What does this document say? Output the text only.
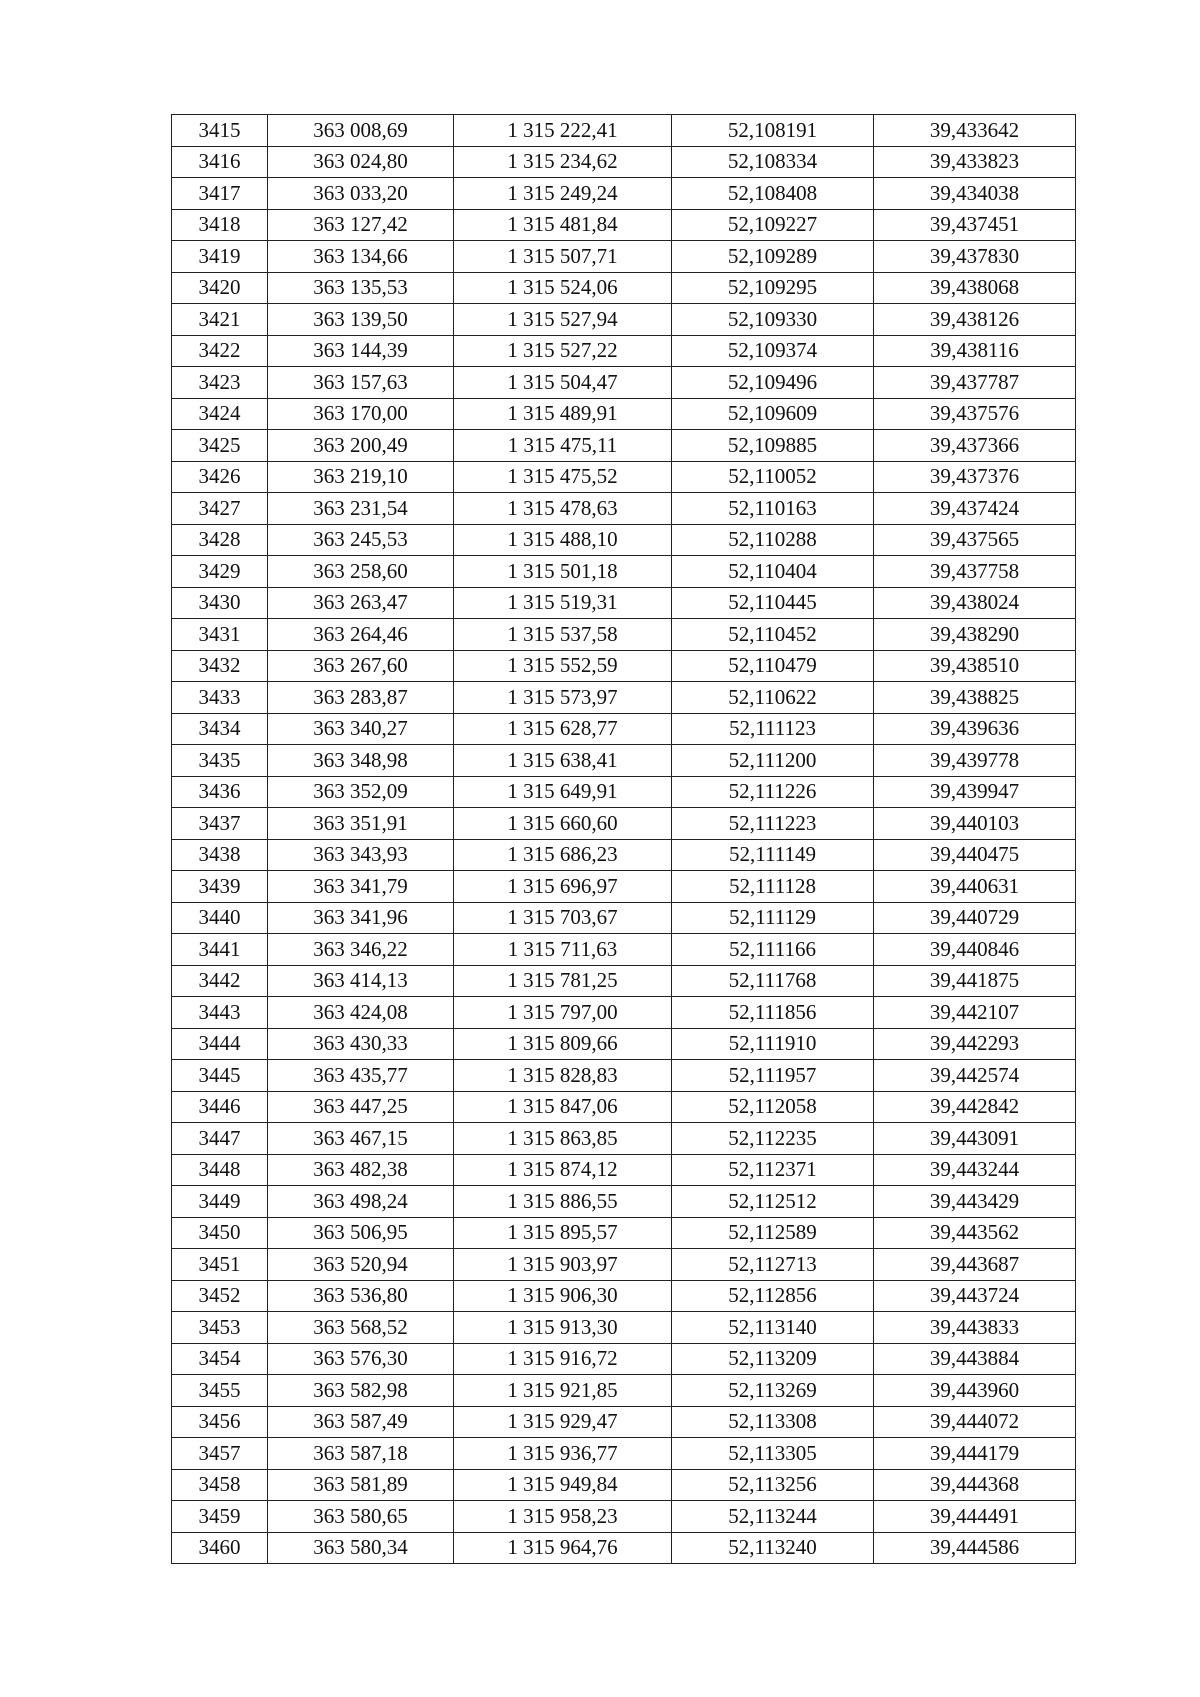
3415	363 008,69	1 315 222,41	52,108191	39,433642
3416	363 024,80	1 315 234,62	52,108334	39,433823
3417	363 033,20	1 315 249,24	52,108408	39,434038
3418	363 127,42	1 315 481,84	52,109227	39,437451
3419	363 134,66	1 315 507,71	52,109289	39,437830
3420	363 135,53	1 315 524,06	52,109295	39,438068
3421	363 139,50	1 315 527,94	52,109330	39,438126
3422	363 144,39	1 315 527,22	52,109374	39,438116
3423	363 157,63	1 315 504,47	52,109496	39,437787
3424	363 170,00	1 315 489,91	52,109609	39,437576
3425	363 200,49	1 315 475,11	52,109885	39,437366
3426	363 219,10	1 315 475,52	52,110052	39,437376
3427	363 231,54	1 315 478,63	52,110163	39,437424
3428	363 245,53	1 315 488,10	52,110288	39,437565
3429	363 258,60	1 315 501,18	52,110404	39,437758
3430	363 263,47	1 315 519,31	52,110445	39,438024
3431	363 264,46	1 315 537,58	52,110452	39,438290
3432	363 267,60	1 315 552,59	52,110479	39,438510
3433	363 283,87	1 315 573,97	52,110622	39,438825
3434	363 340,27	1 315 628,77	52,111123	39,439636
3435	363 348,98	1 315 638,41	52,111200	39,439778
3436	363 352,09	1 315 649,91	52,111226	39,439947
3437	363 351,91	1 315 660,60	52,111223	39,440103
3438	363 343,93	1 315 686,23	52,111149	39,440475
3439	363 341,79	1 315 696,97	52,111128	39,440631
3440	363 341,96	1 315 703,67	52,111129	39,440729
3441	363 346,22	1 315 711,63	52,111166	39,440846
3442	363 414,13	1 315 781,25	52,111768	39,441875
3443	363 424,08	1 315 797,00	52,111856	39,442107
3444	363 430,33	1 315 809,66	52,111910	39,442293
3445	363 435,77	1 315 828,83	52,111957	39,442574
3446	363 447,25	1 315 847,06	52,112058	39,442842
3447	363 467,15	1 315 863,85	52,112235	39,443091
3448	363 482,38	1 315 874,12	52,112371	39,443244
3449	363 498,24	1 315 886,55	52,112512	39,443429
3450	363 506,95	1 315 895,57	52,112589	39,443562
3451	363 520,94	1 315 903,97	52,112713	39,443687
3452	363 536,80	1 315 906,30	52,112856	39,443724
3453	363 568,52	1 315 913,30	52,113140	39,443833
3454	363 576,30	1 315 916,72	52,113209	39,443884
3455	363 582,98	1 315 921,85	52,113269	39,443960
3456	363 587,49	1 315 929,47	52,113308	39,444072
3457	363 587,18	1 315 936,77	52,113305	39,444179
3458	363 581,89	1 315 949,84	52,113256	39,444368
3459	363 580,65	1 315 958,23	52,113244	39,444491
3460	363 580,34	1 315 964,76	52,113240	39,444586
